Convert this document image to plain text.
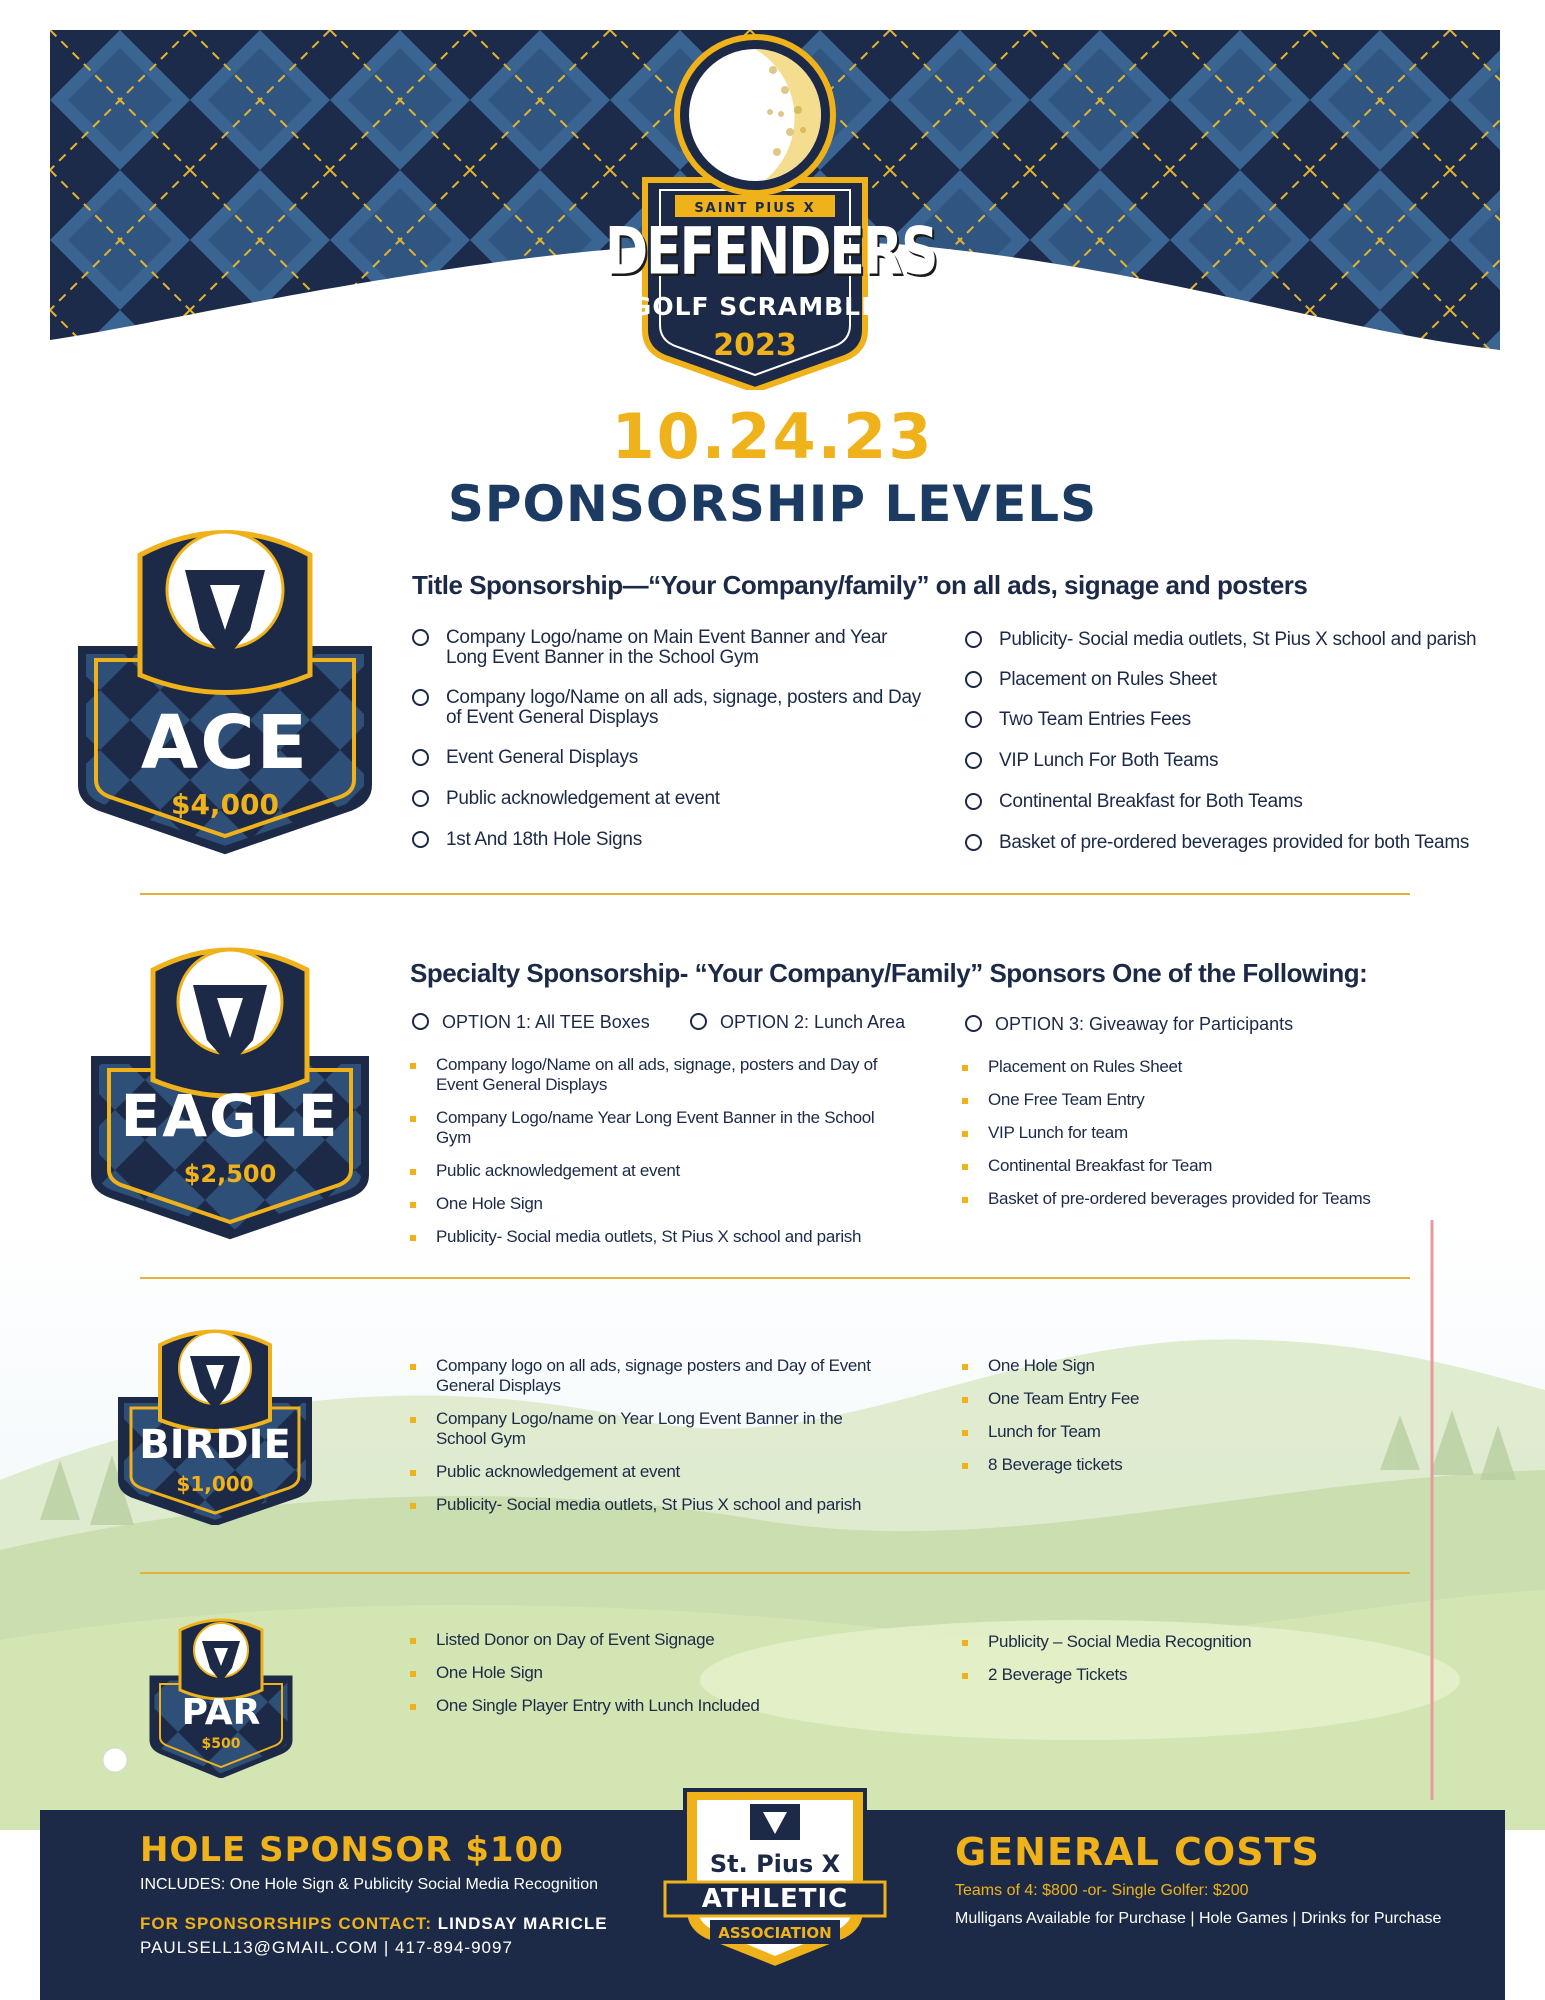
SAINT PIUS X
DEFENDERS
GOLF SCRAMBLE
2023
10.24.23
SPONSORSHIP LEVELS
ACE
$4,000
Title Sponsorship—“Your Company/family” on all ads, signage and posters
Company Logo/name on Main Event Banner and Year Long Event Banner in the School Gym
Company logo/Name on all ads, signage, posters and Day of Event General Displays
Event General Displays
Public acknowledgement at event
1st And 18th Hole Signs
Publicity- Social media outlets, St Pius X school and parish
Placement on Rules Sheet
Two Team Entries Fees
VIP Lunch For Both Teams
Continental Breakfast for Both Teams
Basket of pre-ordered beverages provided for both Teams
EAGLE
$2,500
Specialty Sponsorship- “Your Company/Family” Sponsors One of the Following:
OPTION 1: All TEE Boxes	OPTION 2: Lunch Area	OPTION 3: Giveaway for Participants
Company logo/Name on all ads, signage, posters and Day of Event General Displays
Company Logo/name Year Long Event Banner in the School Gym
Public acknowledgement at event
One Hole Sign
Publicity- Social media outlets, St Pius X school and parish
Placement on Rules Sheet
One Free Team Entry
VIP Lunch for team
Continental Breakfast for Team
Basket of pre-ordered beverages provided for Teams
BIRDIE
$1,000
Company logo on all ads, signage posters and Day of Event General Displays
Company Logo/name on Year Long Event Banner in the School Gym
Public acknowledgement at event
Publicity- Social media outlets, St Pius X school and parish
One Hole Sign
One Team Entry Fee
Lunch for Team
8 Beverage tickets
PAR
$500
Listed Donor on Day of Event Signage
One Hole Sign
One Single Player Entry with Lunch Included
Publicity – Social Media Recognition
2 Beverage Tickets
HOLE SPONSOR $100
INCLUDES: One Hole Sign & Publicity Social Media Recognition
FOR SPONSORSHIPS CONTACT: LINDSAY MARICLE
PAULSELL13@GMAIL.COM | 417-894-9097
St. Pius X
ATHLETIC
ASSOCIATION
GENERAL COSTS
Teams of 4: $800 -or- Single Golfer: $200
Mulligans Available for Purchase | Hole Games | Drinks for Purchase
